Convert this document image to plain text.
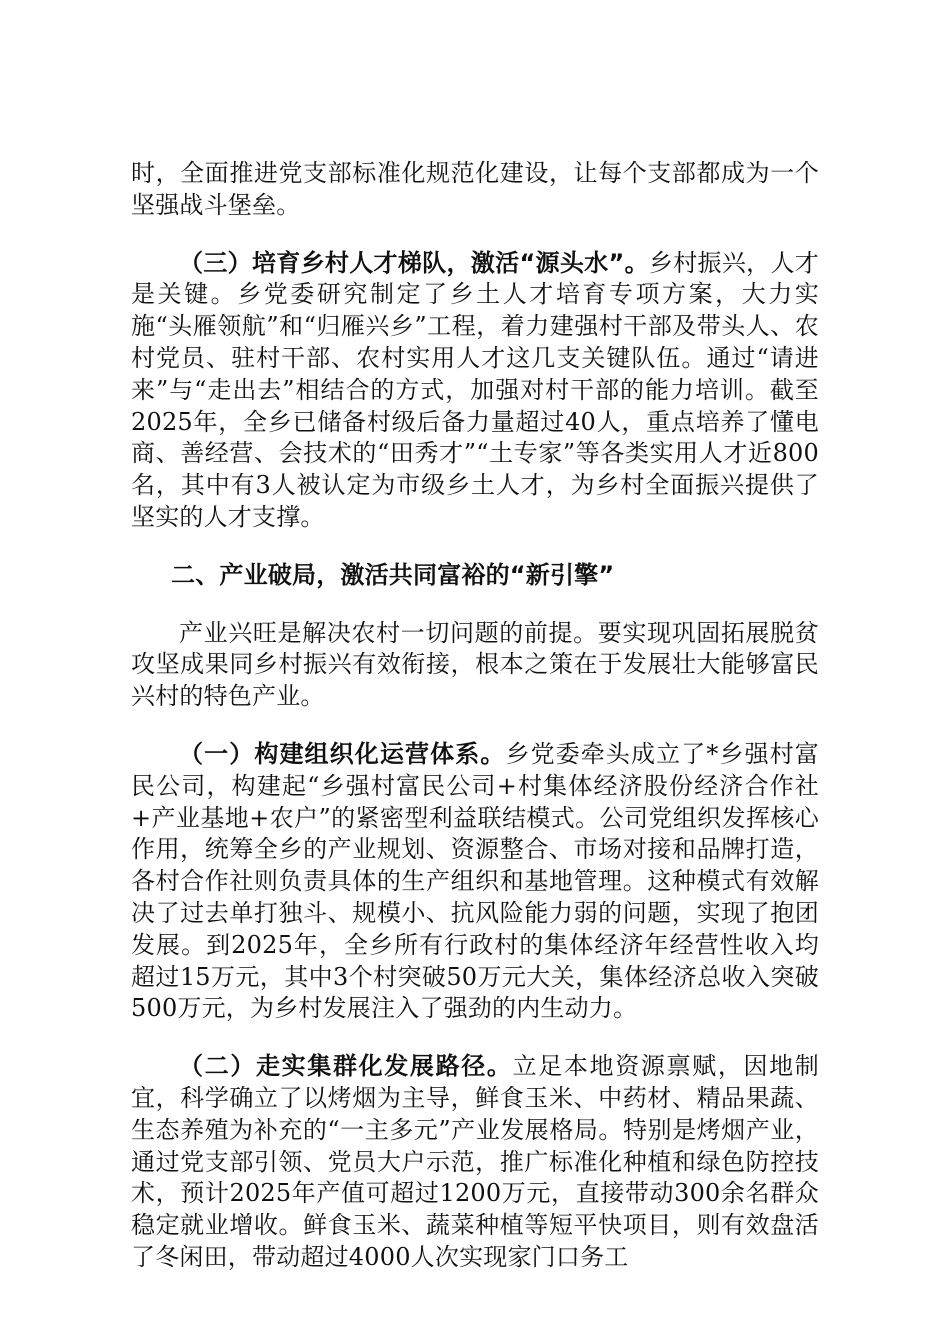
时，全面推进党支部标准化规范化建设，让每个支部都成为一个坚强战斗堡垒。

（三）培育乡村人才梯队，激活“源头水”。乡村振兴，人才是关键。乡党委研究制定了乡土人才培育专项方案，大力实施“头雁领航”和“归雁兴乡”工程，着力建强村干部及带头人、农村党员、驻村干部、农村实用人才这几支关键队伍。通过“请进来”与“走出去”相结合的方式，加强对村干部的能力培训。截至2025年，全乡已储备村级后备力量超过40人，重点培养了懂电商、善经营、会技术的“田秀才”“土专家”等各类实用人才近800名，其中有3人被认定为市级乡土人才，为乡村全面振兴提供了坚实的人才支撑。

二、产业破局，激活共同富裕的“新引擎”

产业兴旺是解决农村一切问题的前提。要实现巩固拓展脱贫攻坚成果同乡村振兴有效衔接，根本之策在于发展壮大能够富民兴村的特色产业。

（一）构建组织化运营体系。乡党委牵头成立了*乡强村富民公司，构建起“乡强村富民公司+村集体经济股份经济合作社+产业基地+农户”的紧密型利益联结模式。公司党组织发挥核心作用，统筹全乡的产业规划、资源整合、市场对接和品牌打造，各村合作社则负责具体的生产组织和基地管理。这种模式有效解决了过去单打独斗、规模小、抗风险能力弱的问题，实现了抱团发展。到2025年，全乡所有行政村的集体经济年经营性收入均超过15万元，其中3个村突破50万元大关，集体经济总收入突破500万元，为乡村发展注入了强劲的内生动力。

（二）走实集群化发展路径。立足本地资源禀赋，因地制宜，科学确立了以烤烟为主导，鲜食玉米、中药材、精品果蔬、生态养殖为补充的“一主多元”产业发展格局。特别是烤烟产业，通过党支部引领、党员大户示范，推广标准化种植和绿色防控技术，预计2025年产值可超过1200万元，直接带动300余名群众稳定就业增收。鲜食玉米、蔬菜种植等短平快项目，则有效盘活了冬闲田，带动超过4000人次实现家门口务工
